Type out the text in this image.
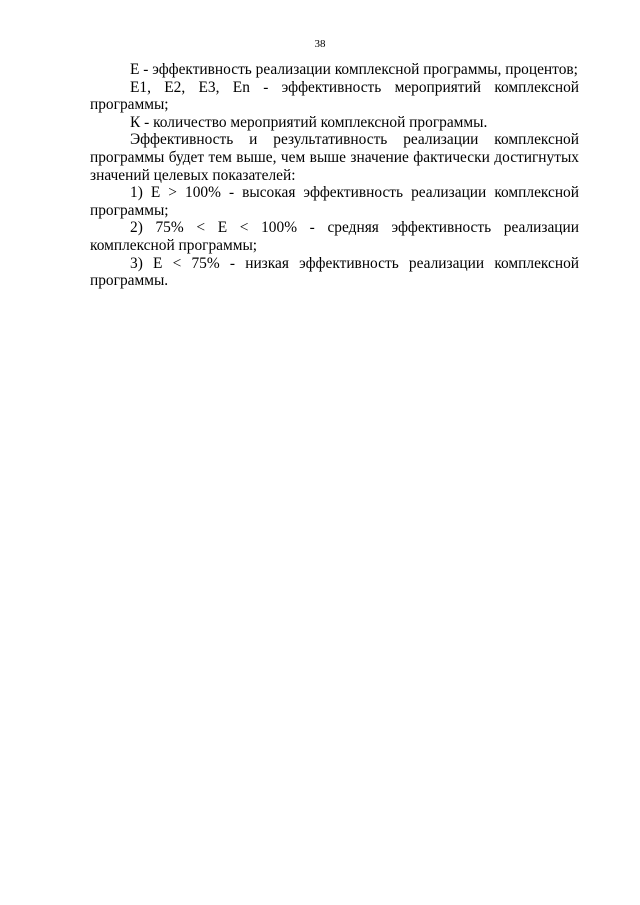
38

Е - эффективность реализации комплексной программы, процентов;

Е1, Е2, Е3, Еn - эффективность мероприятий комплексной программы;

К - количество мероприятий комплексной программы.

Эффективность и результативность реализации комплексной программы будет тем выше, чем выше значение фактически достигнутых значений целевых показателей:

1) Е > 100% - высокая эффективность реализации комплексной программы;

2) 75% < Е < 100% - средняя эффективность реализации комплексной программы;

3) Е < 75% - низкая эффективность реализации комплексной программы.
